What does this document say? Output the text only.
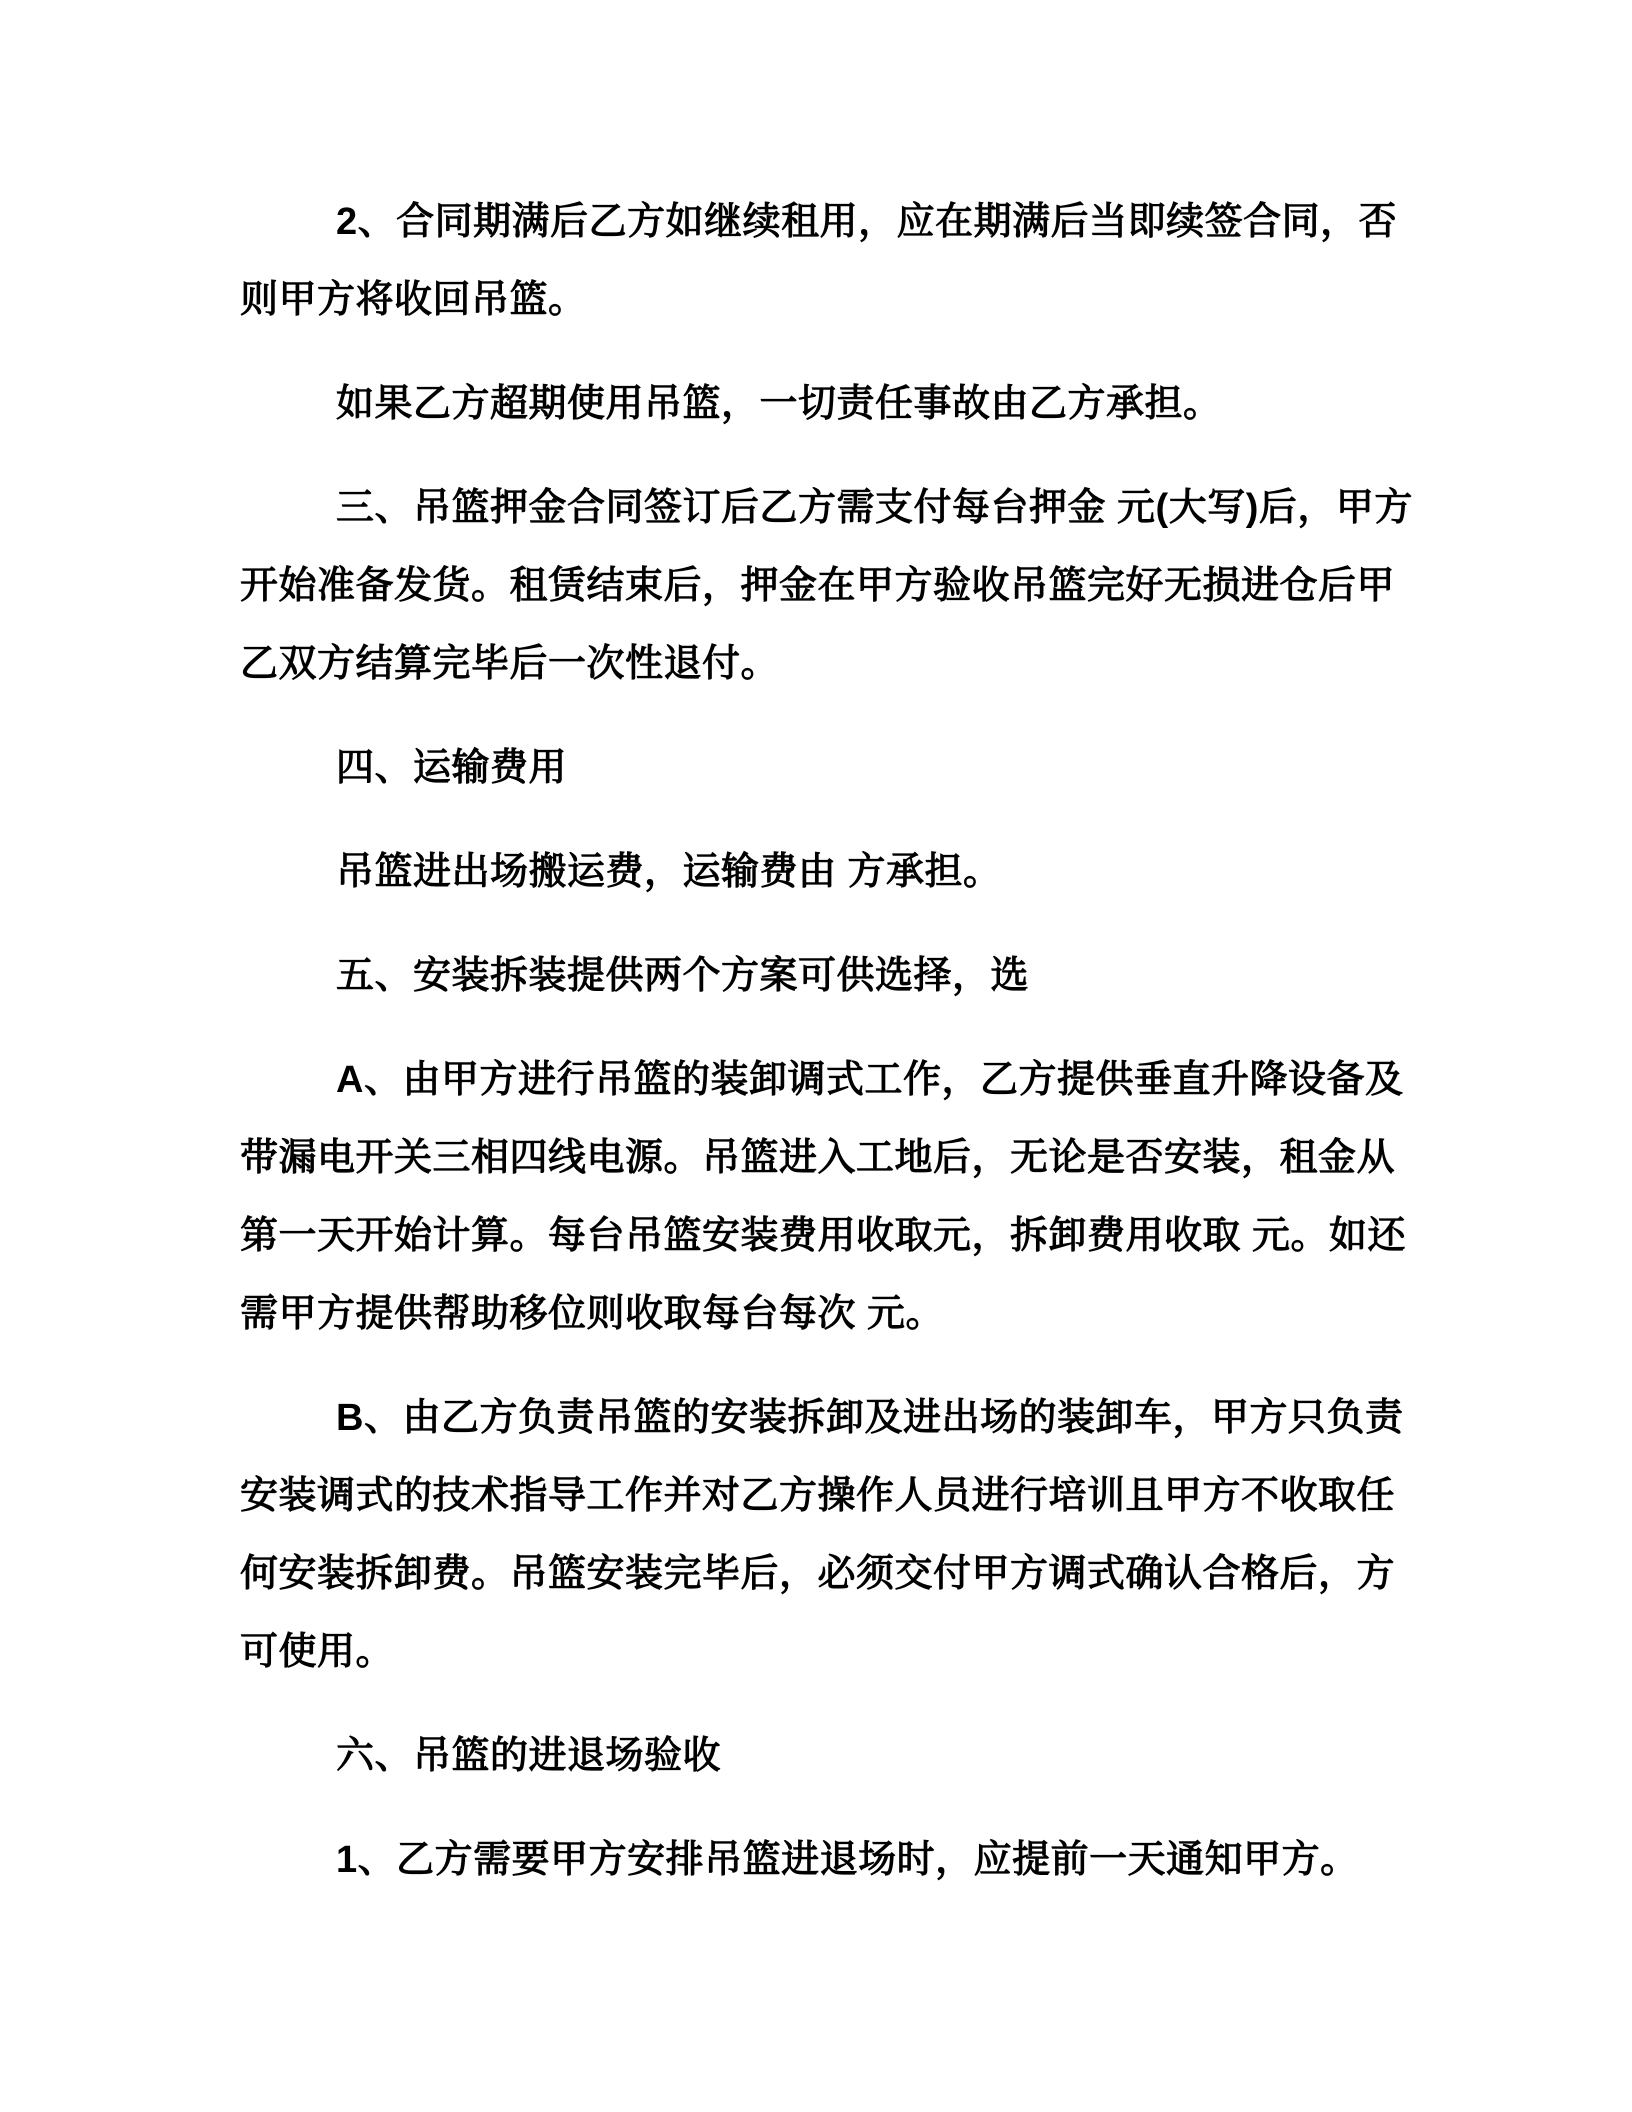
2、合同期满后乙方如继续租用，应在期满后当即续签合同，否
则甲方将收回吊篮。

如果乙方超期使用吊篮，一切责任事故由乙方承担。

三、吊篮押金合同签订后乙方需支付每台押金 元(大写)后，甲方
开始准备发货。租赁结束后，押金在甲方验收吊篮完好无损进仓后甲
乙双方结算完毕后一次性退付。

四、运输费用

吊篮进出场搬运费，运输费由 方承担。

五、安装拆装提供两个方案可供选择，选

A、由甲方进行吊篮的装卸调式工作，乙方提供垂直升降设备及
带漏电开关三相四线电源。吊篮进入工地后，无论是否安装，租金从
第一天开始计算。每台吊篮安装费用收取元，拆卸费用收取 元。如还
需甲方提供帮助移位则收取每台每次 元。

B、由乙方负责吊篮的安装拆卸及进出场的装卸车，甲方只负责
安装调式的技术指导工作并对乙方操作人员进行培训且甲方不收取任
何安装拆卸费。吊篮安装完毕后，必须交付甲方调式确认合格后，方
可使用。

六、吊篮的进退场验收

1、乙方需要甲方安排吊篮进退场时，应提前一天通知甲方。
